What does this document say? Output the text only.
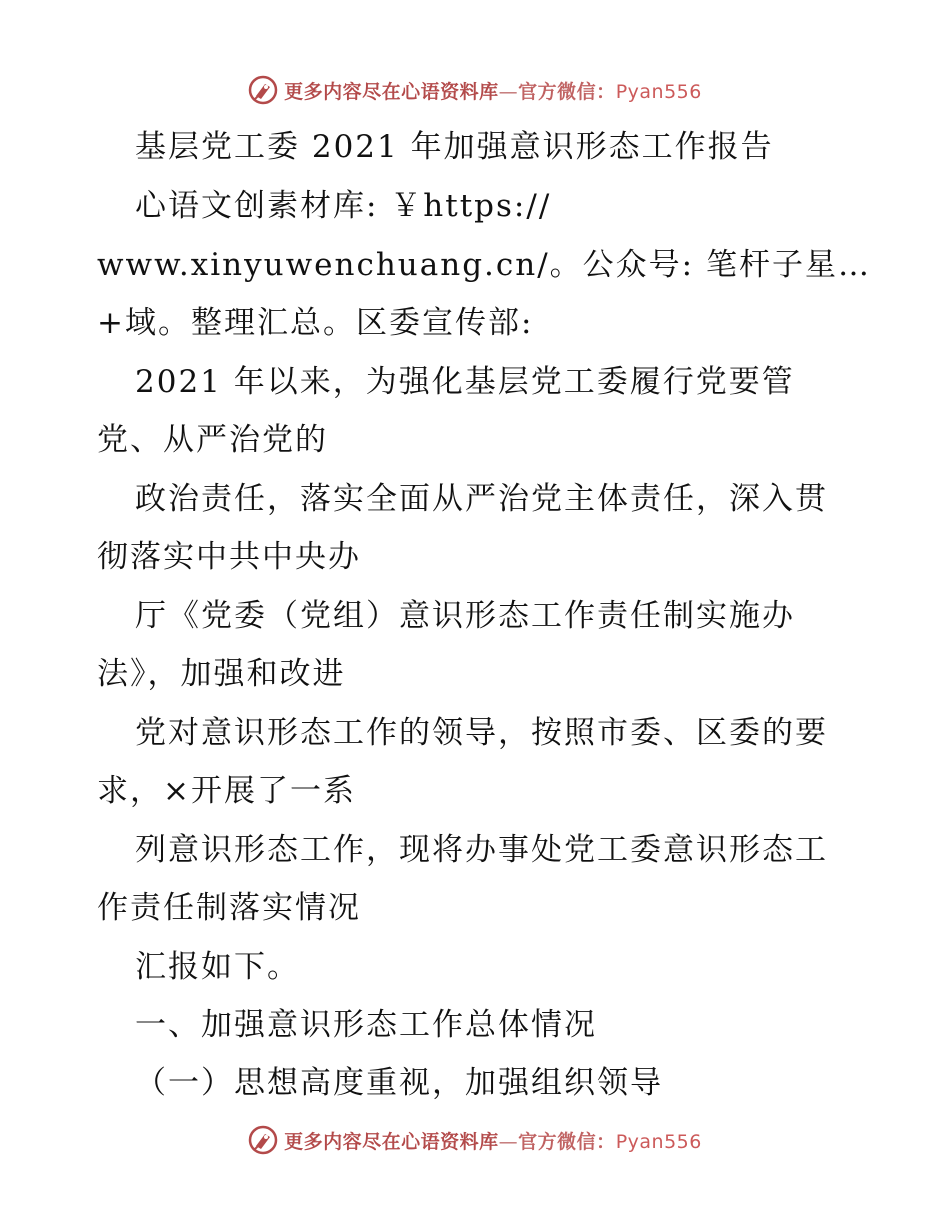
更多内容尽在心语资料库—官方微信：Pyan556
基层党工委 2021 年加强意识形态工作报告
心语文创素材库: ￥https://
www.xinyuwenchuang.cn/。公众号: 笔杆子星…
+域。整理汇总。区委宣传部:
2021 年以来，为强化基层党工委履行党要管
党、从严治党的
政治责任，落实全面从严治党主体责任，深入贯
彻落实中共中央办
厅《党委（党组）意识形态工作责任制实施办
法》，加强和改进
党对意识形态工作的领导，按照市委、区委的要
求，×开展了一系
列意识形态工作，现将办事处党工委意识形态工
作责任制落实情况
汇报如下。
一、加强意识形态工作总体情况
（一）思想高度重视，加强组织领导
更多内容尽在心语资料库—官方微信：Pyan556
